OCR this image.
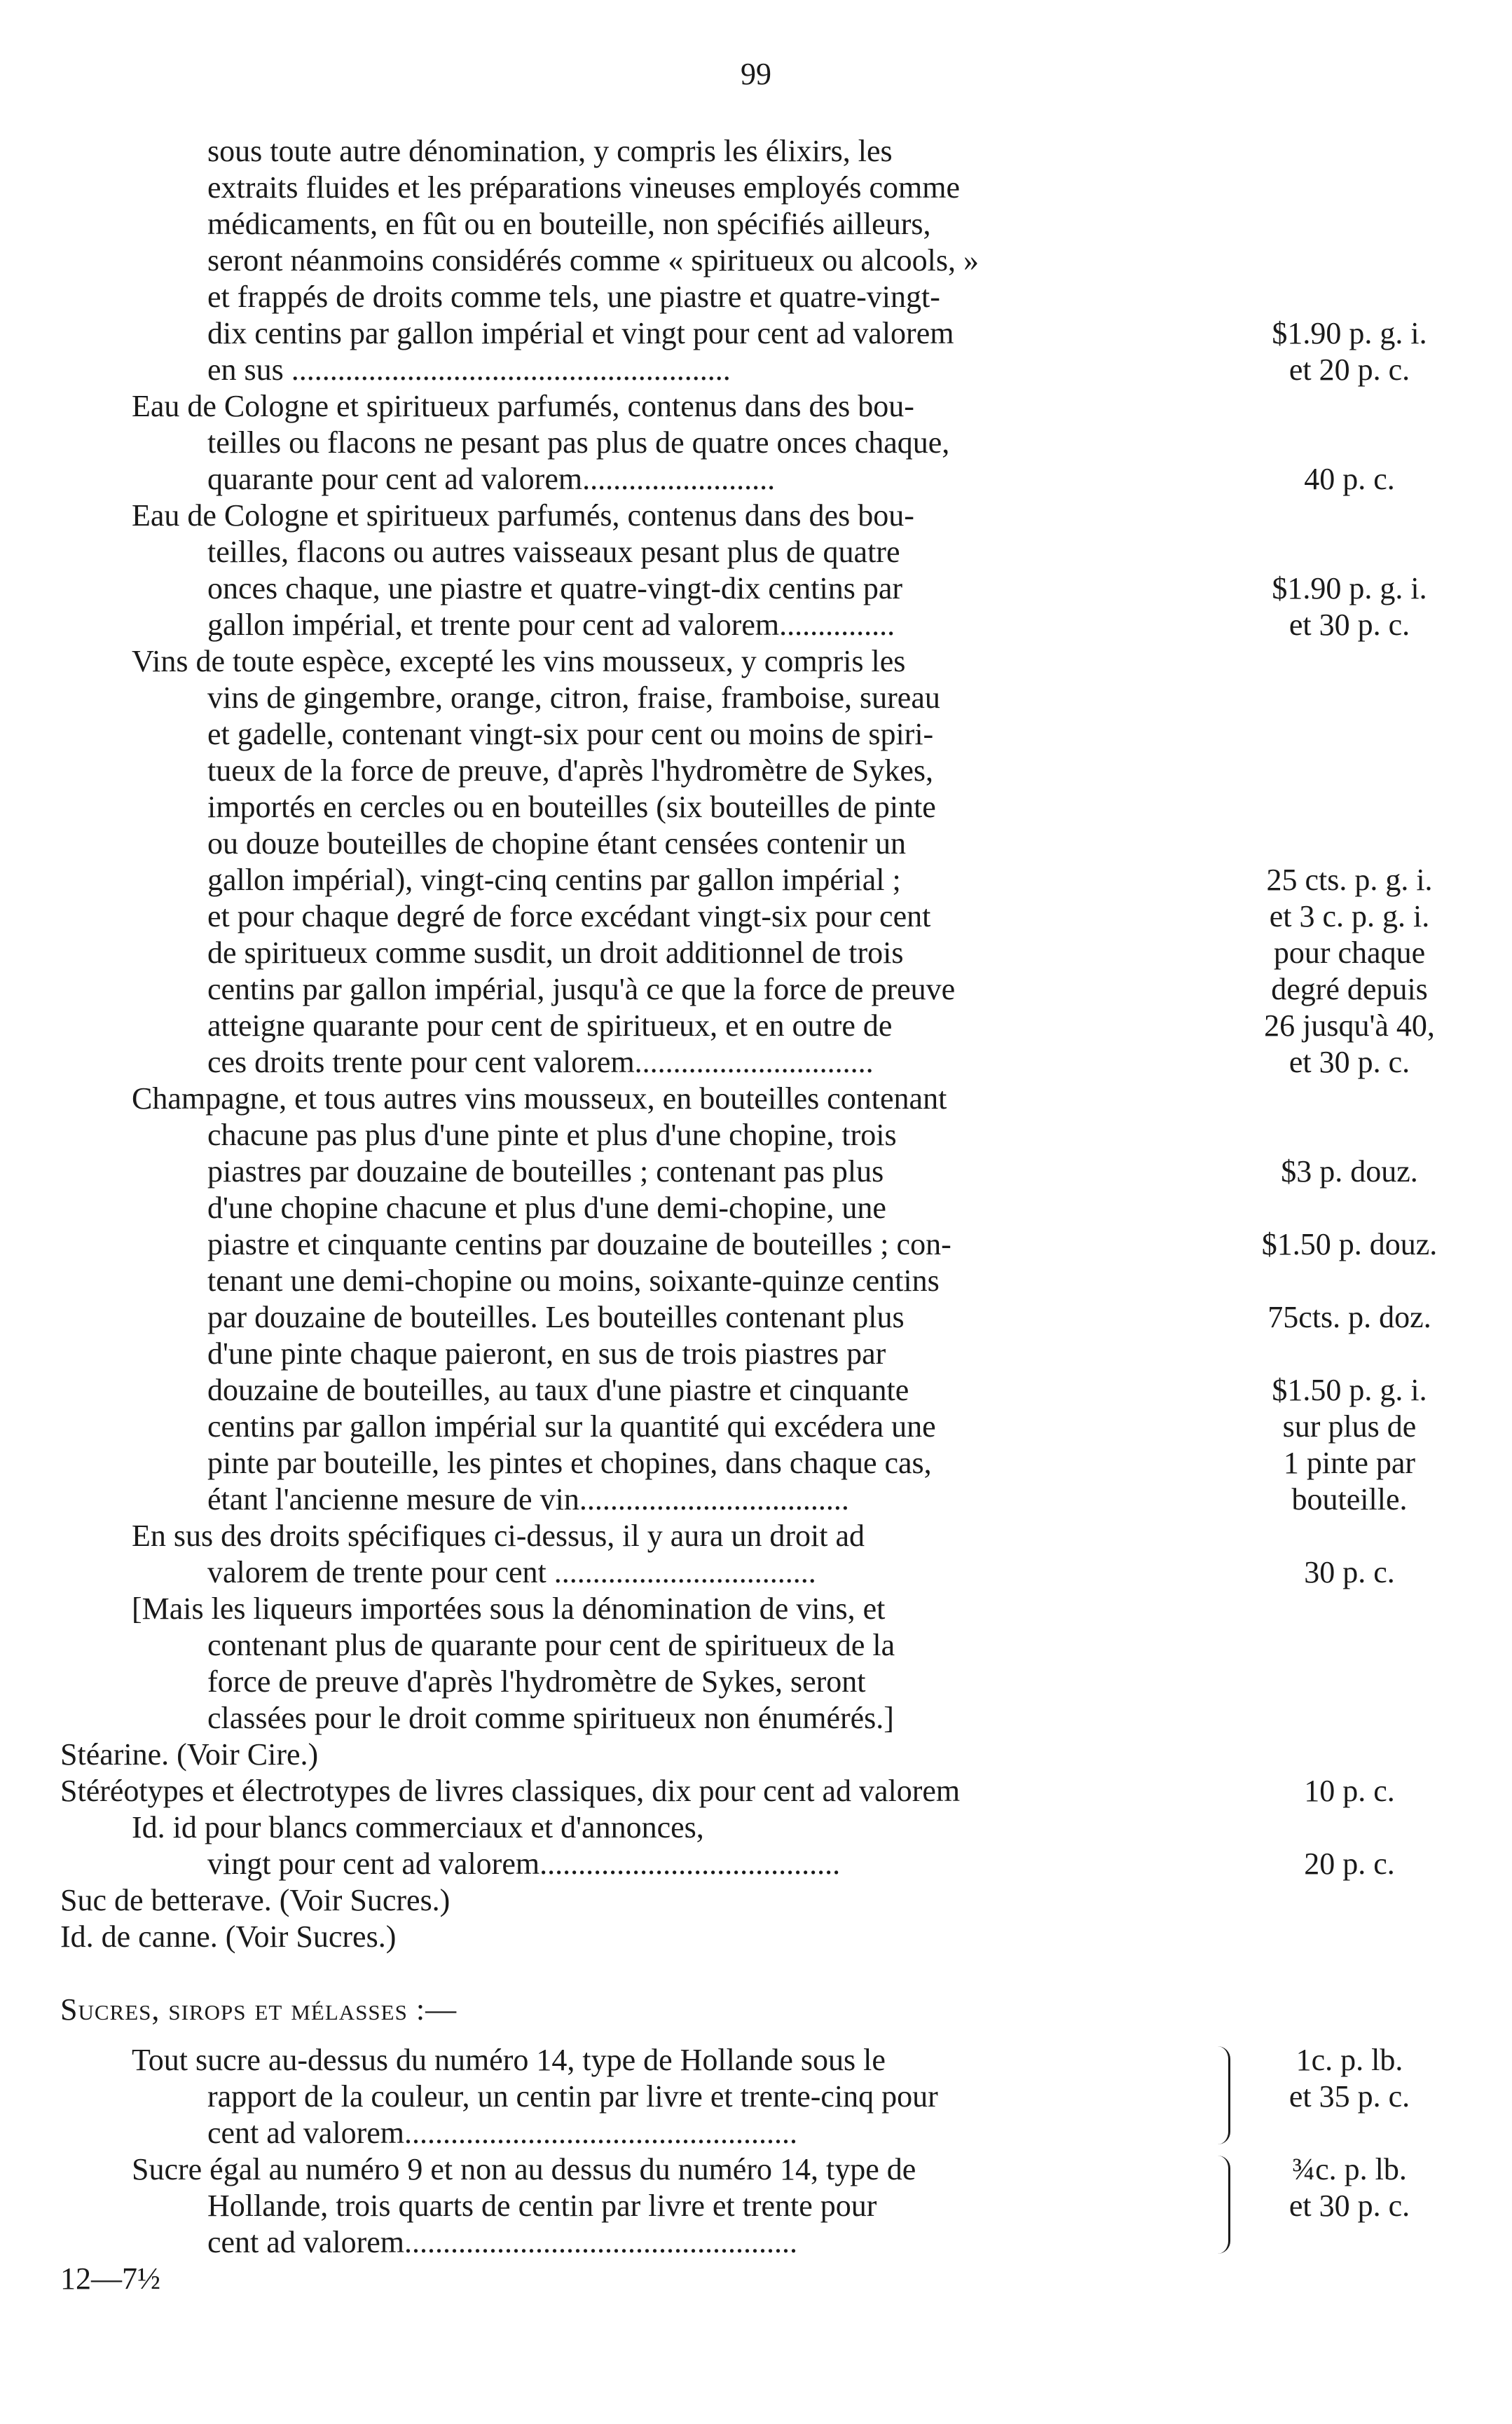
99
sous toute autre dénomination, y compris les élixirs, les
extraits fluides et les préparations vineuses employés comme
médicaments, en fût ou en bouteille, non spécifiés ailleurs,
seront néanmoins considérés comme « spiritueux ou alcools, »
et frappés de droits comme tels, une piastre et quatre-vingt-
dix centins par gallon impérial et vingt pour cent ad valorem	$1.90 p. g. i.
en sus .........................................................	et 20 p. c.
Eau de Cologne et spiritueux parfumés, contenus dans des bou-
teilles ou flacons ne pesant pas plus de quatre onces chaque,
quarante pour cent ad valorem.........................	40 p. c.
Eau de Cologne et spiritueux parfumés, contenus dans des bou-
teilles, flacons ou autres vaisseaux pesant plus de quatre
onces chaque, une piastre et quatre-vingt-dix centins par	$1.90 p. g. i.
gallon impérial, et trente pour cent ad valorem...............	et 30 p. c.
Vins de toute espèce, excepté les vins mousseux, y compris les
vins de gingembre, orange, citron, fraise, framboise, sureau
et gadelle, contenant vingt-six pour cent ou moins de spiri-
tueux de la force de preuve, d'après l'hydromètre de Sykes,
importés en cercles ou en bouteilles (six bouteilles de pinte
ou douze bouteilles de chopine étant censées contenir un
gallon impérial), vingt-cinq centins par gallon impérial ;	25 cts. p. g. i.
et pour chaque degré de force excédant vingt-six pour cent	et 3 c. p. g. i.
de spiritueux comme susdit, un droit additionnel de trois	pour chaque
centins par gallon impérial, jusqu'à ce que la force de preuve	degré depuis
atteigne quarante pour cent de spiritueux, et en outre de	26 jusqu'à 40,
ces droits trente pour cent valorem...............................	et 30 p. c.
Champagne, et tous autres vins mousseux, en bouteilles contenant
chacune pas plus d'une pinte et plus d'une chopine, trois
piastres par douzaine de bouteilles ; contenant pas plus	$3 p. douz.
d'une chopine chacune et plus d'une demi-chopine, une
piastre et cinquante centins par douzaine de bouteilles ; con-	$1.50 p. douz.
tenant une demi-chopine ou moins, soixante-quinze centins
par douzaine de bouteilles. Les bouteilles contenant plus	75cts. p. doz.
d'une pinte chaque paieront, en sus de trois piastres par
douzaine de bouteilles, au taux d'une piastre et cinquante	$1.50 p. g. i.
centins par gallon impérial sur la quantité qui excédera une	sur plus de
pinte par bouteille, les pintes et chopines, dans chaque cas,	1 pinte par
étant l'ancienne mesure de vin...................................	bouteille.
En sus des droits spécifiques ci-dessus, il y aura un droit ad
valorem de trente pour cent ..................................	30 p. c.
[Mais les liqueurs importées sous la dénomination de vins, et
contenant plus de quarante pour cent de spiritueux de la
force de preuve d'après l'hydromètre de Sykes, seront
classées pour le droit comme spiritueux non énumérés.]
Stéarine. (Voir Cire.)
Stéréotypes et électrotypes de livres classiques, dix pour cent ad valorem	10 p. c.
Id. id pour blancs commerciaux et d'annonces,
vingt pour cent ad valorem.......................................	20 p. c.
Suc de betterave. (Voir Sucres.)
Id. de canne. (Voir Sucres.)
Sucres, sirops et mélasses :—
Tout sucre au-dessus du numéro 14, type de Hollande sous le	1c. p. lb.
rapport de la couleur, un centin par livre et trente-cinq pour	et 35 p. c.
cent ad valorem...................................................
Sucre égal au numéro 9 et non au dessus du numéro 14, type de	¾c. p. lb.
Hollande, trois quarts de centin par livre et trente pour	et 30 p. c.
cent ad valorem...................................................
12—7½
